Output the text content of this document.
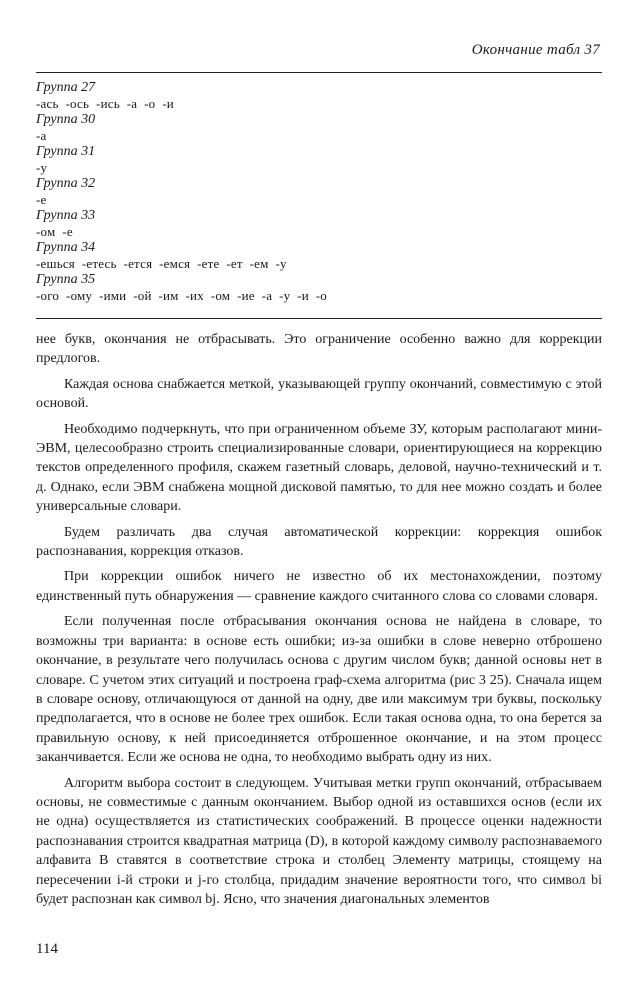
Окончание табл 37
Группа 27
-ась  -ось  -ись  -а  -о  -и
Группа 30
-а
Группа 31
-у
Группа 32
-е
Группа 33
-ом  -е
Группа 34
-ешься  -етесь  -ется  -емся  -ете  -ет  -ем  -у
Группа 35
-ого  -ому  -ими  -ой  -им  -их  -ом  -ие  -а  -у  -и  -о

нее букв, окончания не отбрасывать. Это ограничение особенно важно для коррекции предлогов.

Каждая основа снабжается меткой, указывающей группу окончаний, совместимую с этой основой.

Необходимо подчеркнуть, что при ограниченном объеме ЗУ, которым располагают мини-ЭВМ, целесообразно строить специализированные словари, ориентирующиеся на коррекцию текстов определенного профиля, скажем газетный словарь, деловой, научно-технический и т. д. Однако, если ЭВМ снабжена мощной дисковой памятью, то для нее можно создать и более универсальные словари.

Будем различать два случая автоматической коррекции: коррекция ошибок распознавания, коррекция отказов.

При коррекции ошибок ничего не известно об их местонахождении, поэтому единственный путь обнаружения — сравнение каждого считанного слова со словами словаря.

Если полученная после отбрасывания окончания основа не найдена в словаре, то возможны три варианта: в основе есть ошибки; из-за ошибки в слове неверно отброшено окончание, в результате чего получилась основа с другим числом букв; данной основы нет в словаре. С учетом этих ситуаций и построена граф-схема алгоритма (рис 3 25). Сначала ищем в словаре основу, отличающуюся от данной на одну, две или максимум три буквы, поскольку предполагается, что в основе не более трех ошибок. Если такая основа одна, то она берется за правильную основу, к ней присоединяется отброшенное окончание, и на этом процесс заканчивается. Если же основа не одна, то необходимо выбрать одну из них.

Алгоритм выбора состоит в следующем. Учитывая метки групп окончаний, отбрасываем основы, не совместимые с данным окончанием. Выбор одной из оставшихся основ (если их не одна) осуществляется из статистических соображений. В процессе оценки надежности распознавания строится квадратная матрица (D), в которой каждому символу распознаваемого алфавита B ставятся в соответствие строка и столбец Элементу матрицы, стоящему на пересечении i-й строки и j-го столбца, придадим значение вероятности того, что символ bi будет распознан как символ bj. Ясно, что значения диагональных элементов

114
